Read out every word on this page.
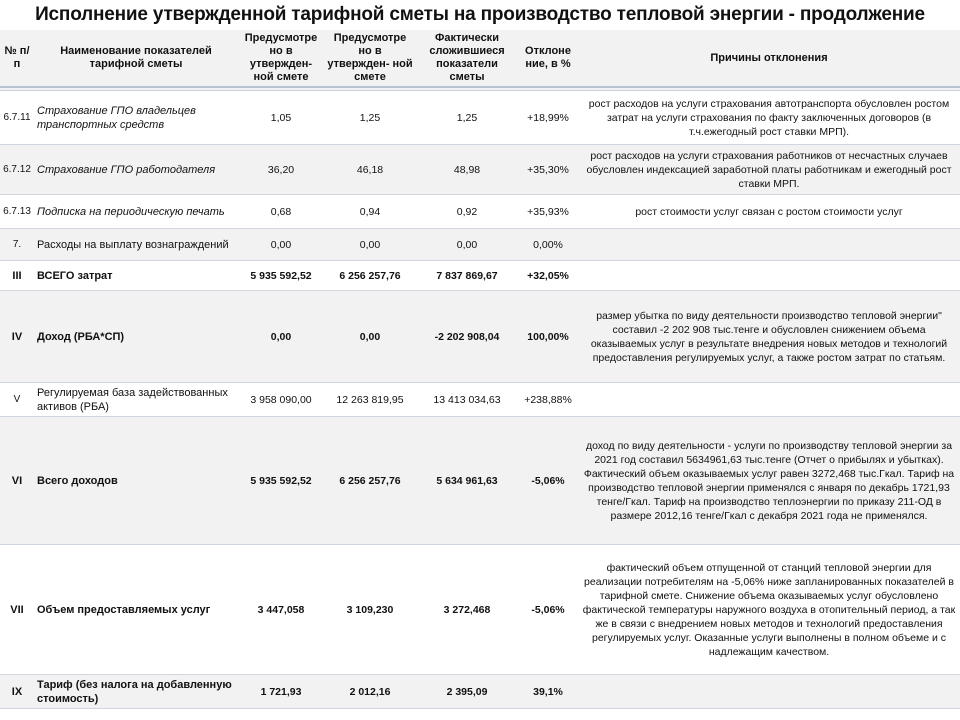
Исполнение утвержденной тарифной сметы на производство тепловой энергии - продолжение
№ п/п	Наименование показателей тарифной сметы	Предусмотре но в утвержден- ной смете	Предусмотре но в утвержден- ной смете	Фактически сложившиеся показатели сметы	Отклоне ние, в %	Причины отклонения

6.7.11	Страхование ГПО владельцев транспортных средств	1,05	1,25	1,25	+18,99%	рост расходов на услуги страхования автотранспорта обусловлен ростом затрат на услуги страхования по факту заключенных договоров (в т.ч.ежегодный рост ставки МРП).
6.7.12	Страхование ГПО работодателя	36,20	46,18	48,98	+35,30%	рост расходов на услуги страхования работников от несчастных случаев обусловлен индексацией заработной платы работникам и ежегодный рост ставки МРП.
6.7.13	Подписка на периодическую печать	0,68	0,94	0,92	+35,93%	рост стоимости услуг связан с ростом стоимости услуг
7.	Расходы на выплату вознаграждений	0,00	0,00	0,00	0,00%	
III	ВСЕГО затрат	5 935 592,52	6 256 257,76	7 837 869,67	+32,05%	
IV	Доход (РБА*СП)	0,00	0,00	-2 202 908,04	100,00%	размер убытка по виду деятельности производство тепловой энергии" составил -2 202 908 тыс.тенге и обусловлен снижением объема оказываемых услуг в результате внедрения новых методов и технологий предоставления регулируемых услуг, а также ростом затрат по статьям.
V	Регулируемая база задействованных активов (РБА)	3 958 090,00	12 263 819,95	13 413 034,63	+238,88%	
VI	Всего доходов	5 935 592,52	6 256 257,76	5 634 961,63	-5,06%	доход по виду деятельности - услуги по производству тепловой энергии за 2021 год составил 5634961,63 тыс.тенге (Отчет о прибылях и убытках). Фактический объем оказываемых услуг равен 3272,468 тыс.Гкал. Тариф на производство тепловой энергии применялся с января по декабрь 1721,93 тенге/Гкал. Тариф на производство теплоэнергии по приказу 211-ОД в размере 2012,16 тенге/Гкал с декабря 2021 года не применялся.
VII	Объем предоставляемых услуг	3 447,058	3 109,230	3 272,468	-5,06%	фактический объем отпущенной от станций тепловой энергии для реализации потребителям на -5,06% ниже запланированных показателей в тарифной смете. Снижение объема оказываемых услуг обусловлено фактической температуры наружного воздуха в отопительный период, а так же в связи с внедрением новых методов и технологий предоставления регулируемых услуг. Оказанные услуги выполнены в полном объеме и с надлежащим качеством.
IX	Тариф (без налога на добавленную стоимость)	1 721,93	2 012,16	2 395,09	39,1%	
